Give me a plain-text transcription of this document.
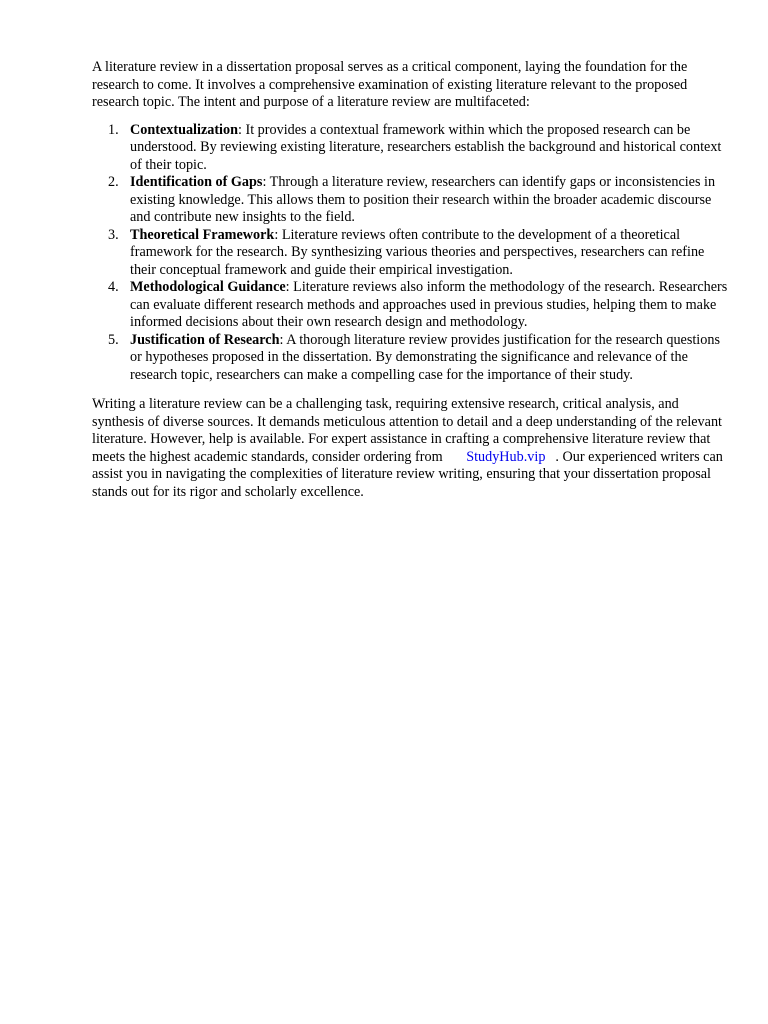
A literature review in a dissertation proposal serves as a critical component, laying the foundation for the research to come. It involves a comprehensive examination of existing literature relevant to the proposed research topic. The intent and purpose of a literature review are multifaceted:

1. Contextualization: It provides a contextual framework within which the proposed research can be understood. By reviewing existing literature, researchers establish the background and historical context of their topic.
2. Identification of Gaps: Through a literature review, researchers can identify gaps or inconsistencies in existing knowledge. This allows them to position their research within the broader academic discourse and contribute new insights to the field.
3. Theoretical Framework: Literature reviews often contribute to the development of a theoretical framework for the research. By synthesizing various theories and perspectives, researchers can refine their conceptual framework and guide their empirical investigation.
4. Methodological Guidance: Literature reviews also inform the methodology of the research. Researchers can evaluate different research methods and approaches used in previous studies, helping them to make informed decisions about their own research design and methodology.
5. Justification of Research: A thorough literature review provides justification for the research questions or hypotheses proposed in the dissertation. By demonstrating the significance and relevance of the research topic, researchers can make a compelling case for the importance of their study.

Writing a literature review can be a challenging task, requiring extensive research, critical analysis, and synthesis of diverse sources. It demands meticulous attention to detail and a deep understanding of the relevant literature. However, help is available. For expert assistance in crafting a comprehensive literature review that meets the highest academic standards, consider ordering from StudyHub.vip . Our experienced writers can assist you in navigating the complexities of literature review writing, ensuring that your dissertation proposal stands out for its rigor and scholarly excellence.
